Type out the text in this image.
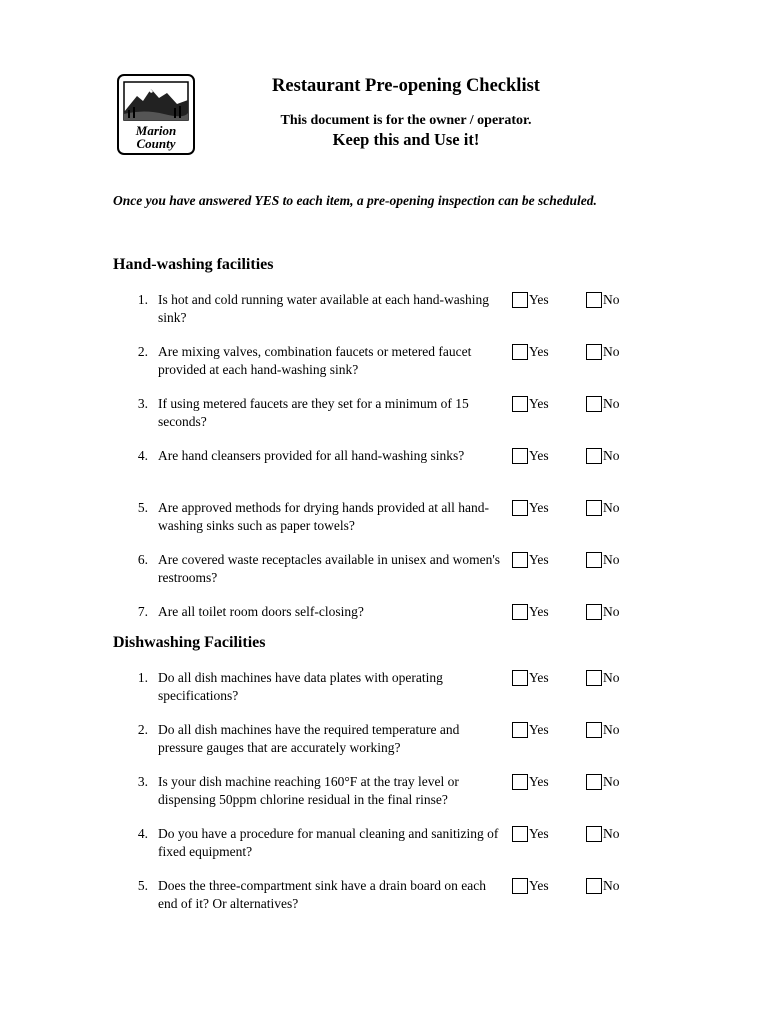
Marion
County
Restaurant Pre-opening Checklist
This document is for the owner / operator.
Keep this and Use it!
Once you have answered YES to each item, a pre-opening inspection can be scheduled.
Hand-washing facilities
1. Is hot and cold running water available at each hand-washing sink?
Yes	No
2. Are mixing valves, combination faucets or metered faucet provided at each hand-washing sink?
Yes	No
3. If using metered faucets are they set for a minimum of 15 seconds?
Yes	No
4. Are hand cleansers provided for all hand-washing sinks?	Yes	No
5. Are approved methods for drying hands provided at all hand-washing sinks such as paper towels?
Yes	No
6. Are covered waste receptacles available in unisex and women's restrooms?
Yes	No
7. Are all toilet room doors self-closing?	Yes	No
Dishwashing Facilities
1. Do all dish machines have data plates with operating specifications?
Yes	No
2. Do all dish machines have the required temperature and pressure gauges that are accurately working?
Yes	No
3. Is your dish machine reaching 160°F at the tray level or dispensing 50ppm chlorine residual in the final rinse?
Yes	No
4. Do you have a procedure for manual cleaning and sanitizing of fixed equipment?
Yes	No
5. Does the three-compartment sink have a drain board on each end of it? Or alternatives?
Yes	No
